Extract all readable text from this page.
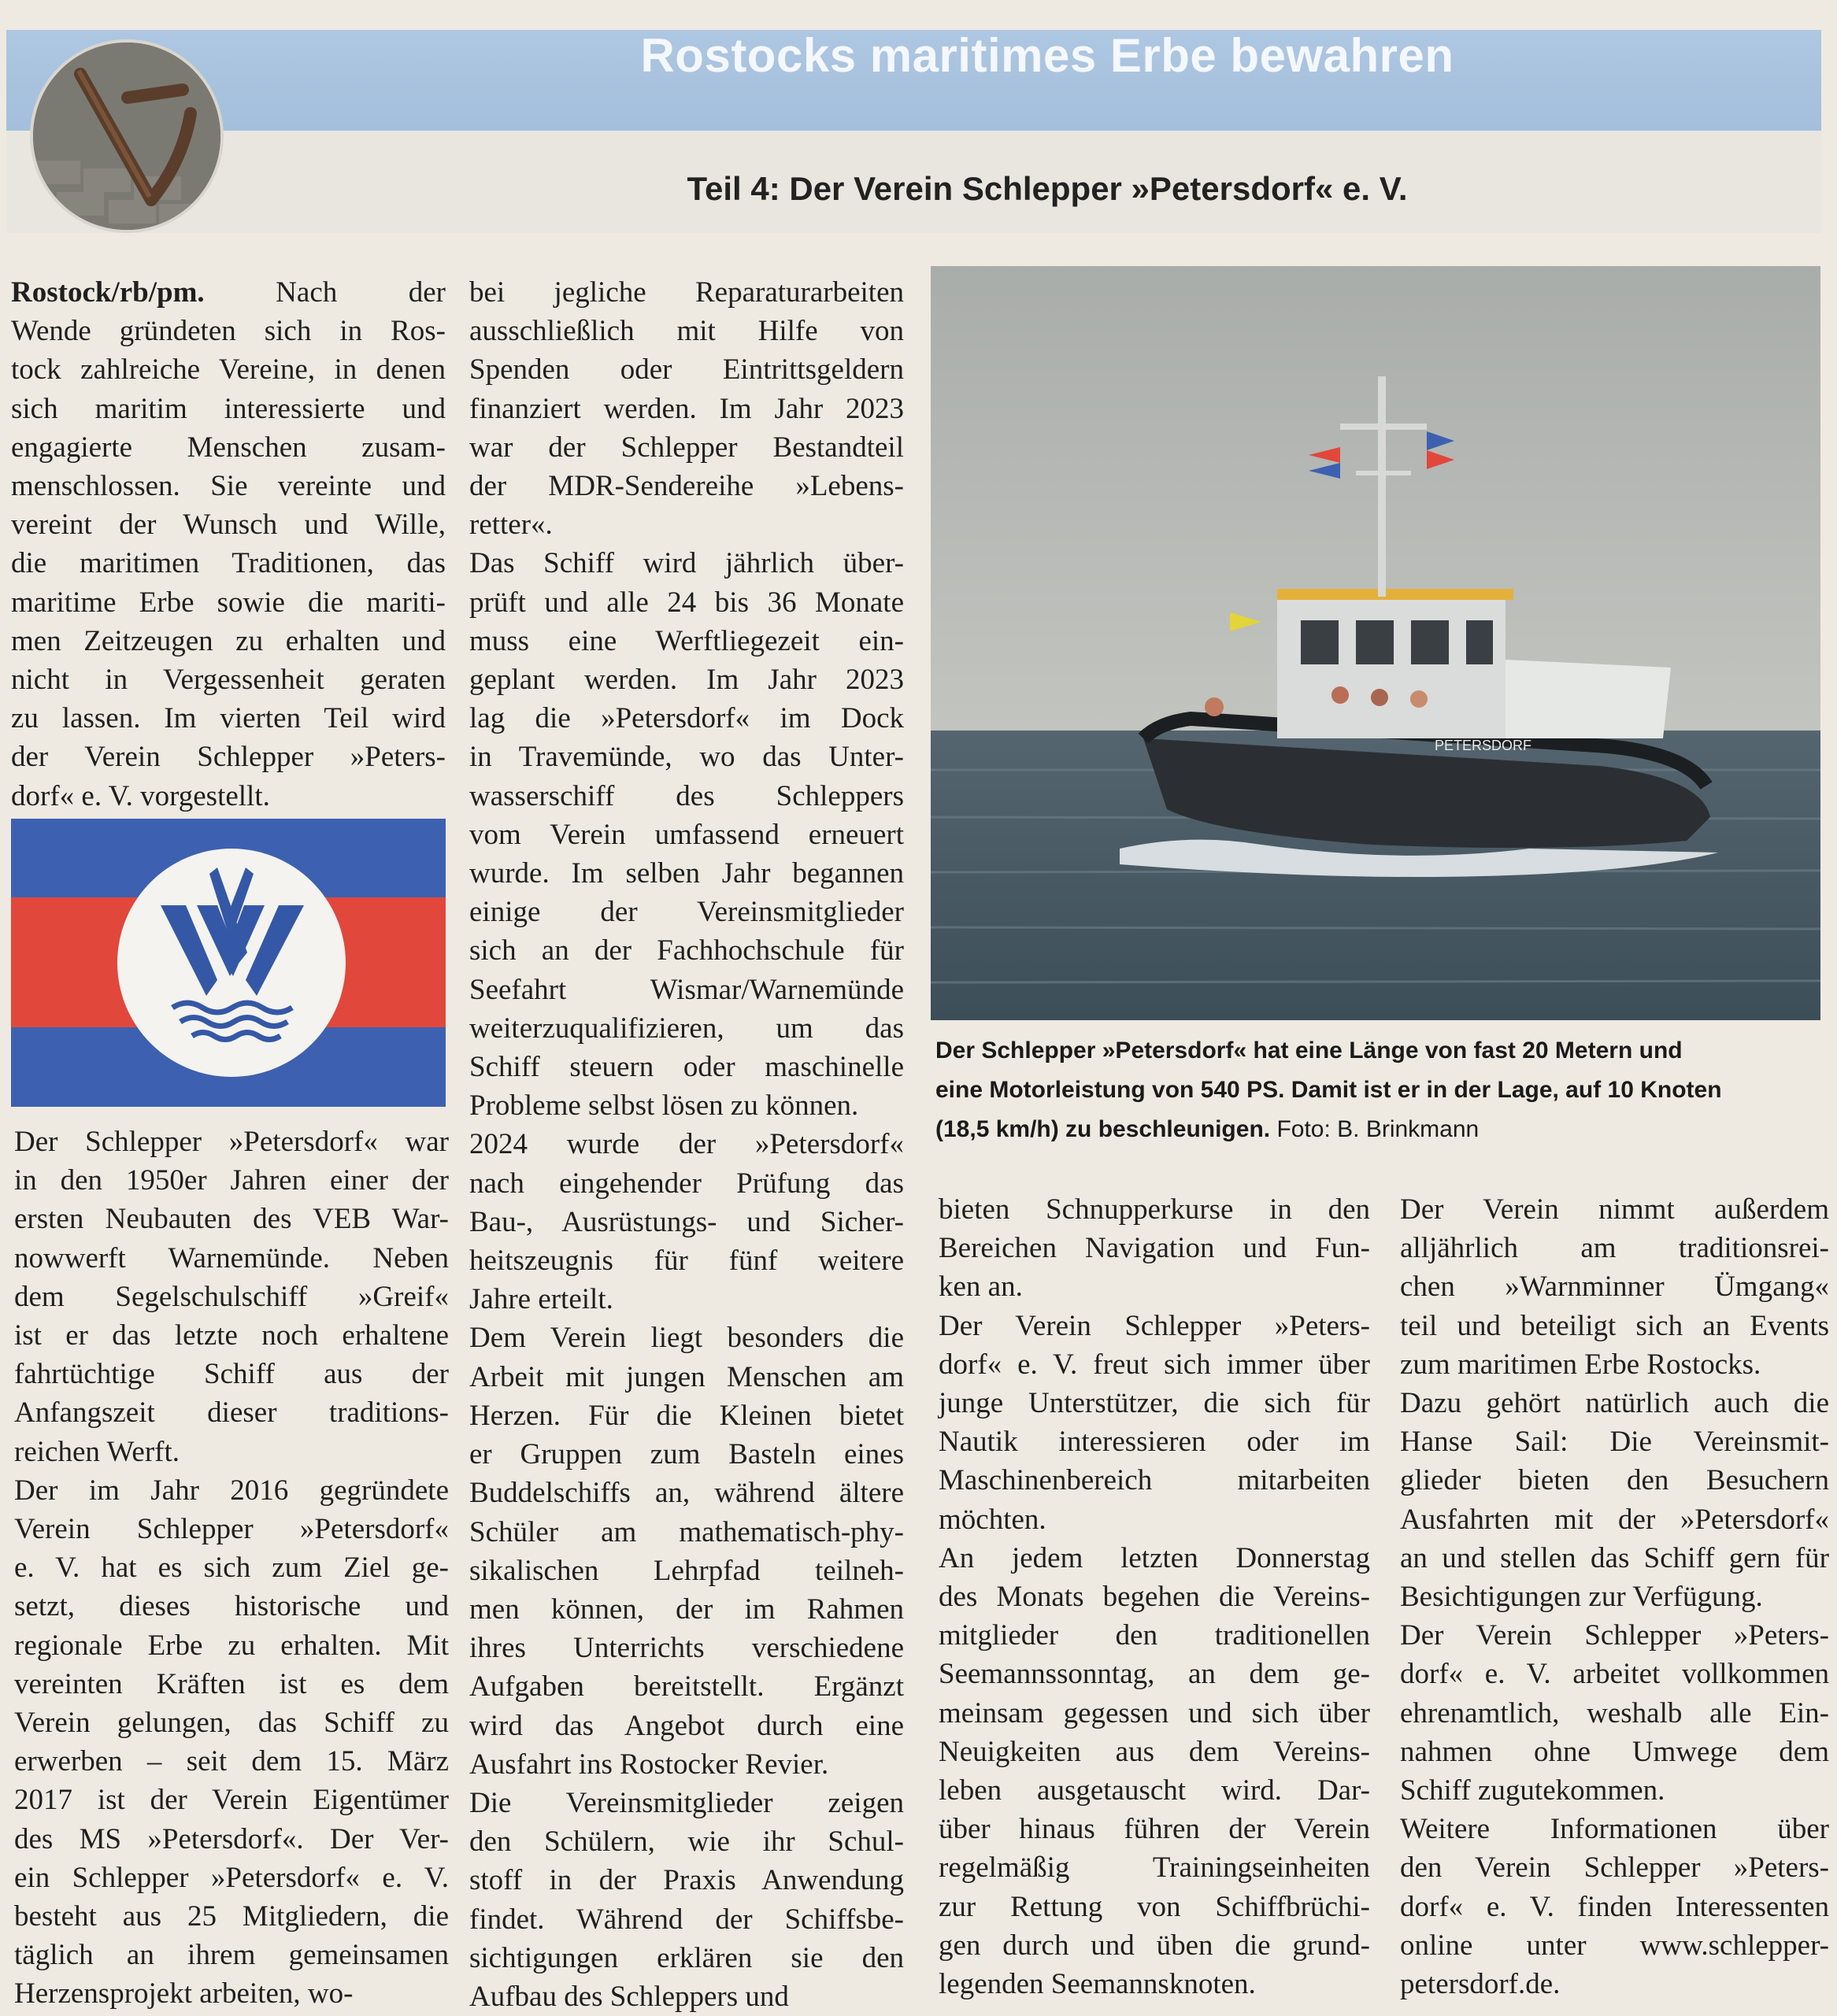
Rostocks maritimes Erbe bewahren
Teil 4: Der Verein Schlepper »Petersdorf« e. V.
Rostock/rb/pm. Nach der
Wende gründeten sich in Ros-
tock zahlreiche Vereine, in denen
sich maritim interessierte und
engagierte Menschen zusam-
menschlossen. Sie vereinte und
vereint der Wunsch und Wille,
die maritimen Traditionen, das
maritime Erbe sowie die mariti-
men Zeitzeugen zu erhalten und
nicht in Vergessenheit geraten
zu lassen. Im vierten Teil wird
der Verein Schlepper »Peters-
dorf« e. V. vorgestellt.
Der Schlepper »Petersdorf« war
in den 1950er Jahren einer der
ersten Neubauten des VEB War-
nowwerft Warnemünde. Neben
dem Segelschulschiff »Greif«
ist er das letzte noch erhaltene
fahrtüchtige Schiff aus der
Anfangszeit dieser traditions-
reichen Werft.
Der im Jahr 2016 gegründete
Verein Schlepper »Petersdorf«
e. V. hat es sich zum Ziel ge-
setzt, dieses historische und
regionale Erbe zu erhalten. Mit
vereinten Kräften ist es dem
Verein gelungen, das Schiff zu
erwerben – seit dem 15. März
2017 ist der Verein Eigentümer
des MS »Petersdorf«. Der Ver-
ein Schlepper »Petersdorf« e. V.
besteht aus 25 Mitgliedern, die
täglich an ihrem gemeinsamen
Herzensprojekt arbeiten, wo-
bei jegliche Reparaturarbeiten
ausschließlich mit Hilfe von
Spenden oder Eintrittsgeldern
finanziert werden. Im Jahr 2023
war der Schlepper Bestandteil
der MDR-Sendereihe »Lebens-
retter«.
Das Schiff wird jährlich über-
prüft und alle 24 bis 36 Monate
muss eine Werftliegezeit ein-
geplant werden. Im Jahr 2023
lag die »Petersdorf« im Dock
in Travemünde, wo das Unter-
wasserschiff des Schleppers
vom Verein umfassend erneuert
wurde. Im selben Jahr begannen
einige der Vereinsmitglieder
sich an der Fachhochschule für
Seefahrt Wismar/Warnemünde
weiterzuqualifizieren, um das
Schiff steuern oder maschinelle
Probleme selbst lösen zu können.
2024 wurde der »Petersdorf«
nach eingehender Prüfung das
Bau-, Ausrüstungs- und Sicher-
heitszeugnis für fünf weitere
Jahre erteilt.
Dem Verein liegt besonders die
Arbeit mit jungen Menschen am
Herzen. Für die Kleinen bietet
er Gruppen zum Basteln eines
Buddelschiffs an, während ältere
Schüler am mathematisch-phy-
sikalischen Lehrpfad teilneh-
men können, der im Rahmen
ihres Unterrichts verschiedene
Aufgaben bereitstellt. Ergänzt
wird das Angebot durch eine
Ausfahrt ins Rostocker Revier.
Die Vereinsmitglieder zeigen
den Schülern, wie ihr Schul-
stoff in der Praxis Anwendung
findet. Während der Schiffsbe-
sichtigungen erklären sie den
Aufbau des Schleppers und
PETERSDORF
Der Schlepper »Petersdorf« hat eine Länge von fast 20 Metern und
eine Motorleistung von 540 PS. Damit ist er in der Lage, auf 10 Knoten
(18,5 km/h) zu beschleunigen. Foto: B. Brinkmann
bieten Schnupperkurse in den
Bereichen Navigation und Fun-
ken an.
Der Verein Schlepper »Peters-
dorf« e. V. freut sich immer über
junge Unterstützer, die sich für
Nautik interessieren oder im
Maschinenbereich mitarbeiten
möchten.
An jedem letzten Donnerstag
des Monats begehen die Vereins-
mitglieder den traditionellen
Seemannssonntag, an dem ge-
meinsam gegessen und sich über
Neuigkeiten aus dem Vereins-
leben ausgetauscht wird. Dar-
über hinaus führen der Verein
regelmäßig Trainingseinheiten
zur Rettung von Schiffbrüchi-
gen durch und üben die grund-
legenden Seemannsknoten.
Der Verein nimmt außerdem
alljährlich am traditionsrei-
chen »Warnminner Ümgang«
teil und beteiligt sich an Events
zum maritimen Erbe Rostocks.
Dazu gehört natürlich auch die
Hanse Sail: Die Vereinsmit-
glieder bieten den Besuchern
Ausfahrten mit der »Petersdorf«
an und stellen das Schiff gern für
Besichtigungen zur Verfügung.
Der Verein Schlepper »Peters-
dorf« e. V. arbeitet vollkommen
ehrenamtlich, weshalb alle Ein-
nahmen ohne Umwege dem
Schiff zugutekommen.
Weitere Informationen über
den Verein Schlepper »Peters-
dorf« e. V. finden Interessenten
online unter www.schlepper-
petersdorf.de.
